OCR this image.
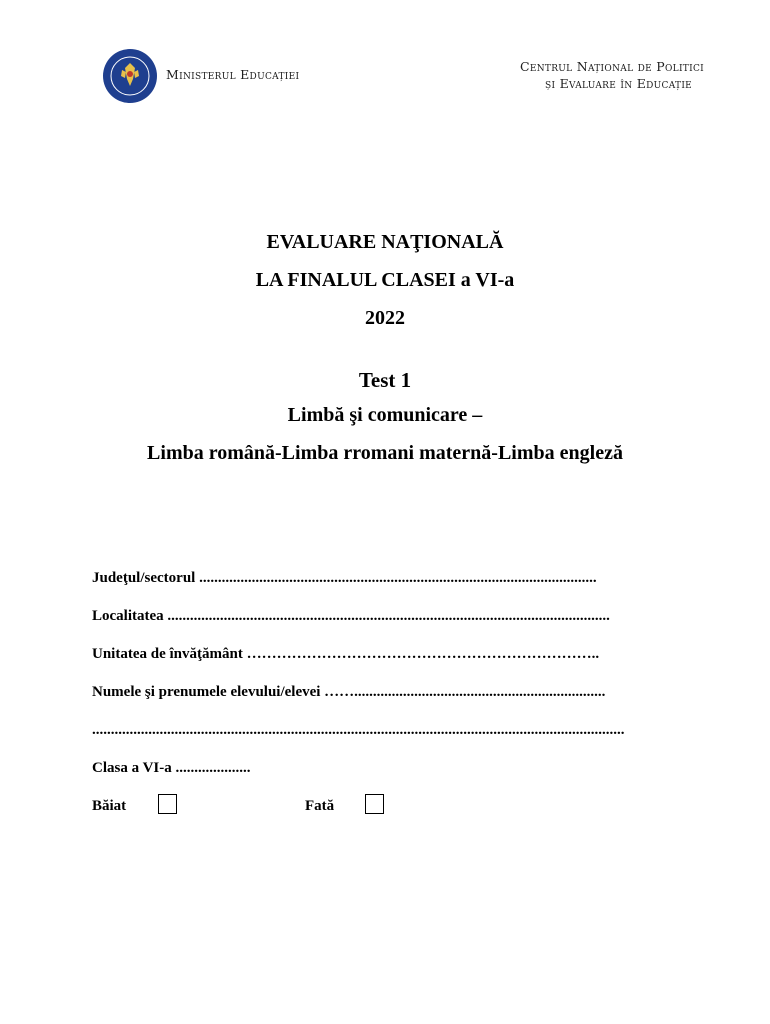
Ministerul Educației
Centrul Național de Politici
și Evaluare în Educație
EVALUARE NAŢIONALĂ
LA FINALUL CLASEI a VI-a
2022
Test 1
Limbă şi comunicare –
Limba română-Limba rromani maternă-Limba engleză
Judeţul/sectorul ..........................................................................................................
Localitatea ......................................................................................................................
Unitatea de învăţământ ……………………………………………………………..
Numele şi prenumele elevului/elevei ……...................................................................
..............................................................................................................................................
Clasa a VI-a ....................
Băiat	Fată
